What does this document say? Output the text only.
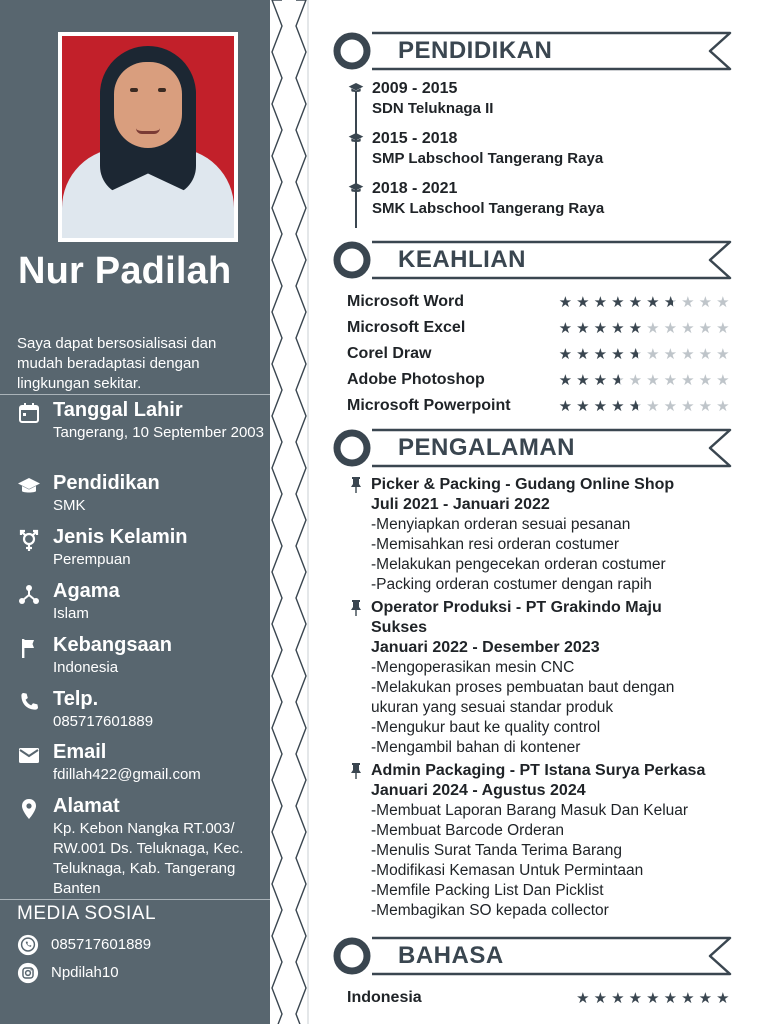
Nur Padilah
Saya dapat bersosialisasi dan mudah beradaptasi dengan lingkungan sekitar.
Tanggal Lahir
Tangerang, 10 September 2003
Pendidikan
SMK
Jenis Kelamin
Perempuan
Agama
Islam
Kebangsaan
Indonesia
Telp.
085717601889
Email
fdillah422@gmail.com
Alamat
Kp. Kebon Nangka RT.003/ RW.001 Ds. Teluknaga, Kec. Teluknaga, Kab. Tangerang Banten
MEDIA SOSIAL
085717601889
Npdilah10
PENDIDIKAN
2009 - 2015
SDN Teluknaga II
2015 - 2018
SMP Labschool Tangerang Raya
2018 - 2021
SMK Labschool Tangerang Raya
KEAHLIAN
Microsoft Word	★ ★ ★ ★ ★ ★ ★ ★ ★ ★ ★
Microsoft Excel	★ ★ ★ ★ ★ ★ ★ ★ ★ ★
Corel Draw	★ ★ ★ ★ ★ ★ ★ ★ ★ ★ ★
Adobe Photoshop	★ ★ ★ ★ ★ ★ ★ ★ ★ ★ ★
Microsoft Powerpoint	★ ★ ★ ★ ★ ★ ★ ★ ★ ★ ★
PENGALAMAN
Picker & Packing - Gudang Online Shop
Juli 2021 - Januari 2022
-Menyiapkan orderan sesuai pesanan
-Memisahkan resi orderan costumer
-Melakukan pengecekan orderan costumer
-Packing orderan costumer dengan rapih
Operator Produksi - PT Grakindo Maju Sukses
Januari 2022 - Desember 2023
-Mengoperasikan mesin CNC
-Melakukan proses pembuatan baut dengan ukuran yang sesuai standar produk
-Mengukur baut ke quality control
-Mengambil bahan di kontener
Admin Packaging - PT Istana Surya Perkasa
Januari 2024 - Agustus 2024
-Membuat Laporan Barang Masuk Dan Keluar
-Membuat Barcode Orderan
-Menulis Surat Tanda Terima Barang
-Modifikasi Kemasan Untuk Permintaan
-Memfile Packing List Dan Picklist
-Membagikan SO kepada collector
BAHASA
Indonesia	★ ★ ★ ★ ★ ★ ★ ★ ★
